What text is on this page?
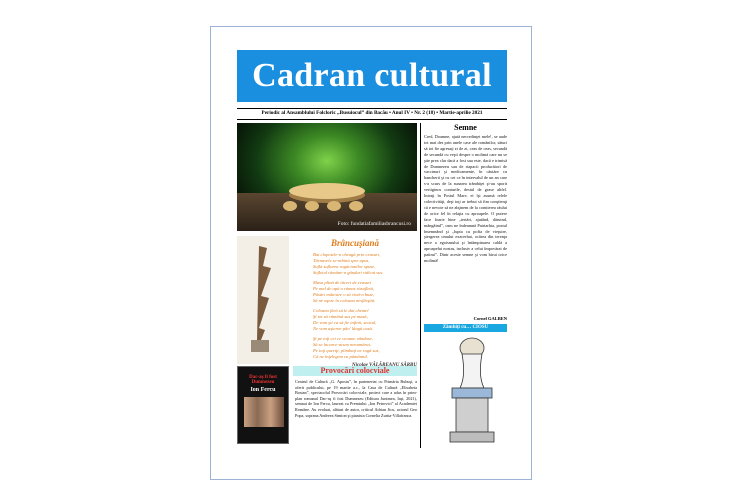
Cadran cultural
Periodic al Ansamblului Folcloric „Busuiocul” din Bacău • Anul IV • Nr. 2 (18) • Martie-aprilie 2021
Foto: fundatiafamiliasbrancusi.ro
Brâncuşiană
Bat clopotele-n cheagă prin ceasuri,
Târnavele se-mbină spre apus,
Suflă suflarea rugăciunilor spuse,
Sufletul rămâne-n gânduri ridicat sus.
Masa plină de tăceri de ceasuri
Pe mal de apă a rămas răsufletă,
Păsări măiestre o să vină-n buze,
Să ne aşeze în coloana nesfârşită.
Coloana fără să le dai chemel
Şi tot să rămână sus pe masă,
De vom şti ca să fie infinit, seacul,
Ne vom aşterne pân' lângă casă.
Şi pe toţi cei ce ocoane vânduse,
Să se încarce-acum nenumărat,
Pe toţi queriţi, plimbaţi ne rugă sus,
Că ne înţelegem cu pământul.
Dac-aş fi fost Dumnezeu
Ion Fercu
Provocări colocviale
Centrul de Cultură „G. Apostu”, în parteneriat cu Primăria Buhuşi, a oferit publicului, pe 19 martie a.c., la Casa de Cultură „Elisabeta Bostan”, spectacolul Provocări colocviale, proiect care a adus în prim-plan romanul Dac-aş fi fost Dumnezeu (Editura Junimea, Iaşi, 2021), semnat de Ion Fercu, laureat cu Premiului „Ion Petrovici” al Academiei Române. Au evoluat, alături de autor, criticul Adrian Jicu, actorul Geo Popa, soprana Andreea Simion şi pianista Cornelia Zurita-Villafranca.
Semne
Cred, Doamne, ajută necredinţei mele!, se aude tot mai des prin unele case ale românilor, sături să tot fie agresaţi zi de zi, ceas de ceas, secundă de secundă cu veşti despre o molimă care nu se ştie prea clar dacă a fost sau este, dacă e trimisă de Dumnezeu sau de riapacii producători de vaccinuri şi medicamente, în căutăre cu bancherii şi cu cei ce în intervalul de un an care s-a scurs de la sunarea trâmbiţei şi-au sporit vertiginos conturile, destul de grase altfel. Intraţi în Postul Mare, ei îşi asumă relele colectivităţi, deşi toţi ar trebui să fim conştienţi că e nevoie să ne abţinem de la comiterea răului de orice fel în relaţia cu aproapele. O putere face foarte bine „tertări, ajutând, dăruind, mângâind”, cum ne îndeamnă Patriarhia, postul însemnând şi „lupta cu pofta de vieţuire, ştergerea omului exacerbat, ocârea din terenţa nece a egoismului şi întâmpinarea caldă a aproapelui nostru, inclusiv a celui împovărat de patimi”. Dintr aceste semne şi vom birui orice molimă!
Cornel GALBEN
Zâmbiţi cu… CIOSU
